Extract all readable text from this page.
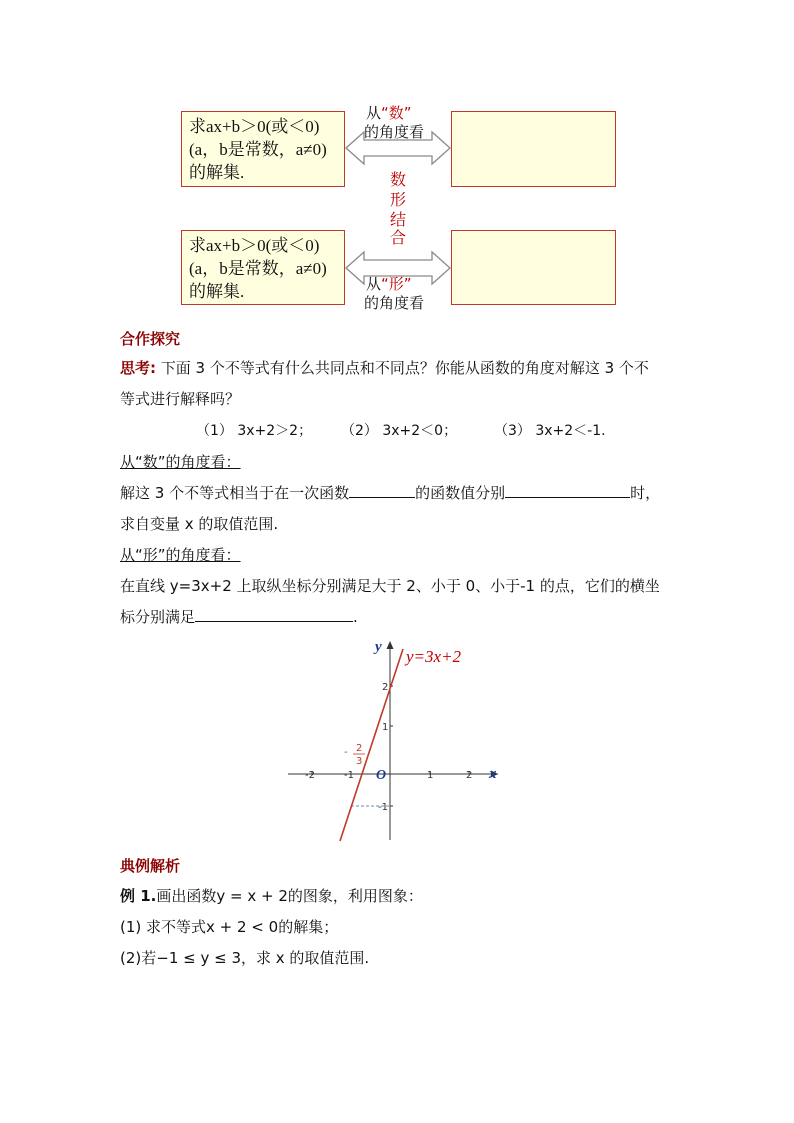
求ax+b＞0(或＜0)
(a，b是常数，a≠0)
的解集.
求ax+b＞0(或＜0)
(a，b是常数，a≠0)
的解集.
从“数”
的角度看
从“形”
的角度看
数
形
结
合
合作探究
思考: 下面 3 个不等式有什么共同点和不同点？你能从函数的角度对解这 3 个不
等式进行解释吗？
（1） 3x+2＞2； （2） 3x+2＜0；	（3） 3x+2＜-1.
从“数”的角度看：
解这 3 个不等式相当于在一次函数	的函数值分别	时，
求自变量 x 的取值范围.
从“形”的角度看：
在直线 y=3x+2 上取纵坐标分别满足大于 2、小于 0、小于-1 的点，它们的横坐
标分别满足	.
y=3x+2
y
x
O
-2	-1	1	2
2
1
-1
- 2
3
典例解析
例 1.画出函数y = x + 2的图象，利用图象：
(1) 求不等式x + 2 < 0的解集；
(2)若−1 ≤ y ≤ 3，求 x 的取值范围.
